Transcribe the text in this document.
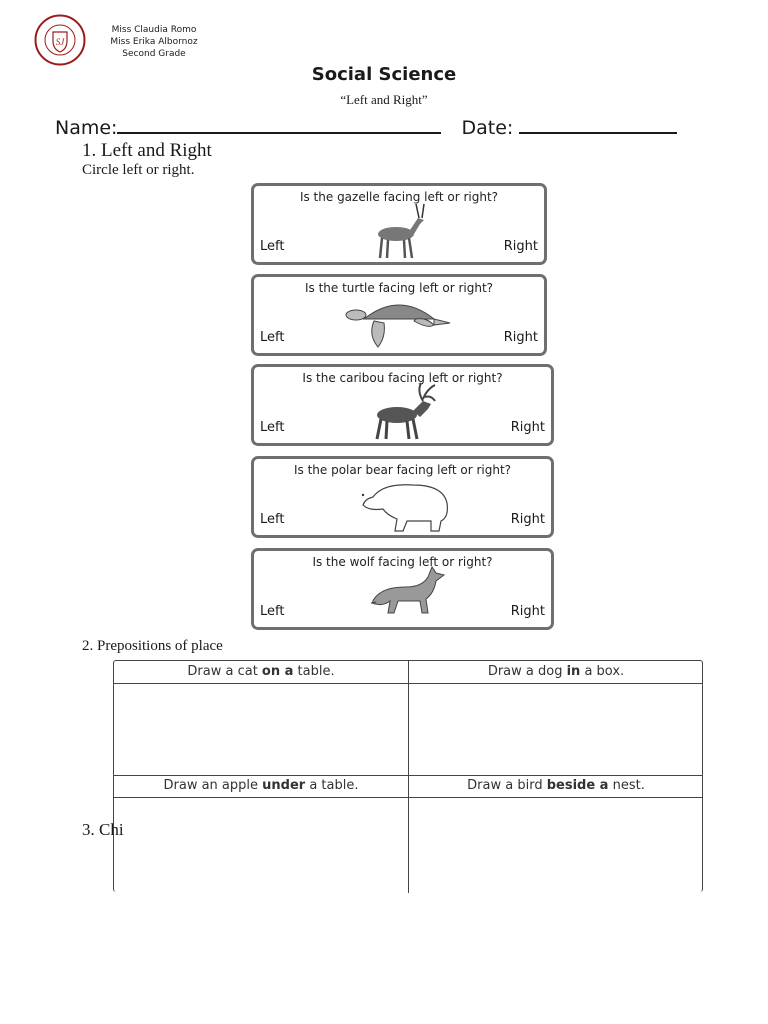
SJ
Miss Claudia Romo
Miss Erika Albornoz
Second Grade
Social Science
“Left and Right”
Name:	Date:
1. Left and Right
Circle left or right.
Is the gazelle facing left or right?
Left	Right
Is the turtle facing left or right?
Left	Right
Is the caribou facing left or right?
Left	Right
Is the polar bear facing left or right?
Left	Right
Is the wolf facing left or right?
Left	Right
2. Prepositions of place
Draw a cat on a table.	Draw a dog in a box.
Draw an apple under a table.	Draw a bird beside a nest.
3. Chi
